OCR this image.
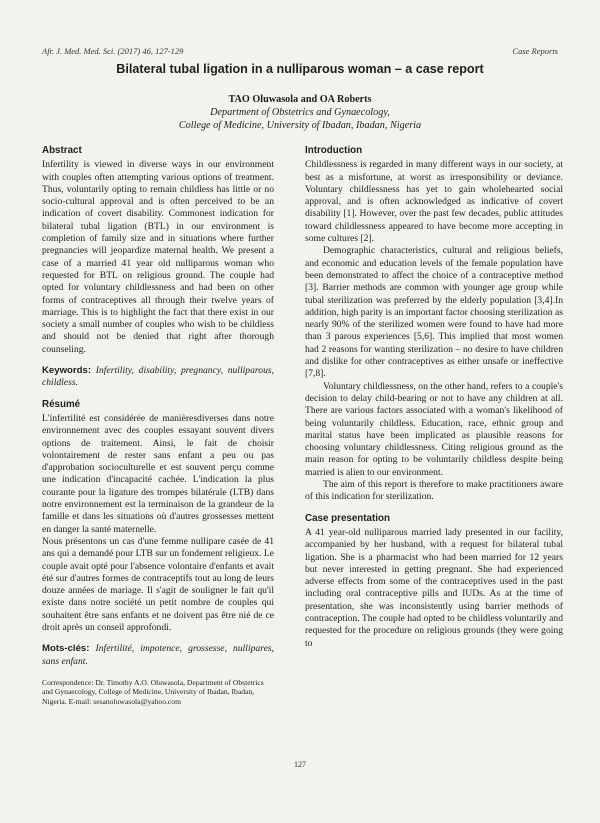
Afr. J. Med. Med. Sci. (2017) 46, 127-129	Case Reports
Bilateral tubal ligation in a nulliparous woman – a case report
TAO Oluwasola and OA Roberts
Department of Obstetrics and Gynaecology,
College of Medicine, University of Ibadan, Ibadan, Nigeria
Abstract

Infertility is viewed in diverse ways in our environment with couples often attempting various options of treatment. Thus, voluntarily opting to remain childless has little or no socio-cultural approval and is often perceived to be an indication of covert disability. Commonest indication for bilateral tubal ligation (BTL) in our environment is completion of family size and in situations where further pregnancies will jeopardize maternal health. We present a case of a married 41 year old nulliparous woman who requested for BTL on religious ground. The couple had opted for voluntary childlessness and had been on other forms of contraceptives all through their twelve years of marriage. This is to highlight the fact that there exist in our society a small number of couples who wish to be childless and should not be denied that right after thorough counseling.

Keywords: Infertility, disability, pregnancy, nulliparous, childless.

Résumé

L'infertilité est considérée de manièresdiverses dans notre environnement avec des couples essayant souvent divers options de traitement. Ainsi, le fait de choisir volontairement de rester sans enfant a peu ou pas d'approbation socioculturelle et est souvent perçu comme une indication d'incapacité cachée. L'indication la plus courante pour la ligature des trompes bilatérale (LTB) dans notre environnement est la terminaison de la grandeur de la famille et dans les situations où d'autres grossesses mettent en danger la santé maternelle.

Nous présentons un cas d'une femme nullipare casée de 41 ans qui a demandé pour LTB sur un fondement religieux. Le couple avait opté pour l'absence volontaire d'enfants et avait été sur d'autres formes de contraceptifs tout au long de leurs douze années de mariage. Il s'agit de souligner le fait qu'il existe dans notre société un petit nombre de couples qui souhaitent être sans enfants et ne doivent pas être nié de ce droit après un conseil approfondi.

Mots-clés: Infertilité, impotence, grossesse, nullipares, sans enfant.

Correspondence: Dr. Timothy A.O. Oluwasola, Department of Obstetrics and Gynaecology, College of Medicine, University of Ibadan, Ibadan, Nigeria. E-mail: sesanoluwasola@yahoo.com

Introduction

Childlessness is regarded in many different ways in our society, at best as a misfortune, at worst as irresponsibility or deviance. Voluntary childlessness has yet to gain wholehearted social approval, and is often acknowledged as indicative of covert disability [1]. However, over the past few decades, public attitudes toward childlessness appeared to have become more accepting in some cultures [2].

Demographic characteristics, cultural and religious beliefs, and economic and education levels of the female population have been demonstrated to affect the choice of a contraceptive method [3]. Barrier methods are common with younger age group while tubal sterilization was preferred by the elderly population [3,4].In addition, high parity is an important factor choosing sterilization as nearly 90% of the sterilized women were found to have had more than 3 parous experiences [5,6]. This implied that most women had 2 reasons for wanting sterilization – no desire to have children and dislike for other contraceptives as either unsafe or ineffective [7,8].

Voluntary childlessness, on the other hand, refers to a couple's decision to delay child-bearing or not to have any children at all. There are various factors associated with a woman's likelihood of being voluntarily childless. Education, race, ethnic group and marital status have been implicated as plausible reasons for choosing voluntary childlessness. Citing religious ground as the main reason for opting to be voluntarily childless despite being married is alien to our environment.

The aim of this report is therefore to make practitioners aware of this indication for sterilization.

Case presentation

A 41 year-old nulliparous married lady presented in our facility, accompanied by her husband, with a request for bilateral tubal ligation. She is a pharmacist who had been married for 12 years but never interested in getting pregnant. She had experienced adverse effects from some of the contraceptives used in the past including oral contraceptive pills and IUDs. As at the time of presentation, she was inconsistently using barrier methods of contraception. The couple had opted to be childless voluntarily and requested for the procedure on religious grounds (they were going to

127
